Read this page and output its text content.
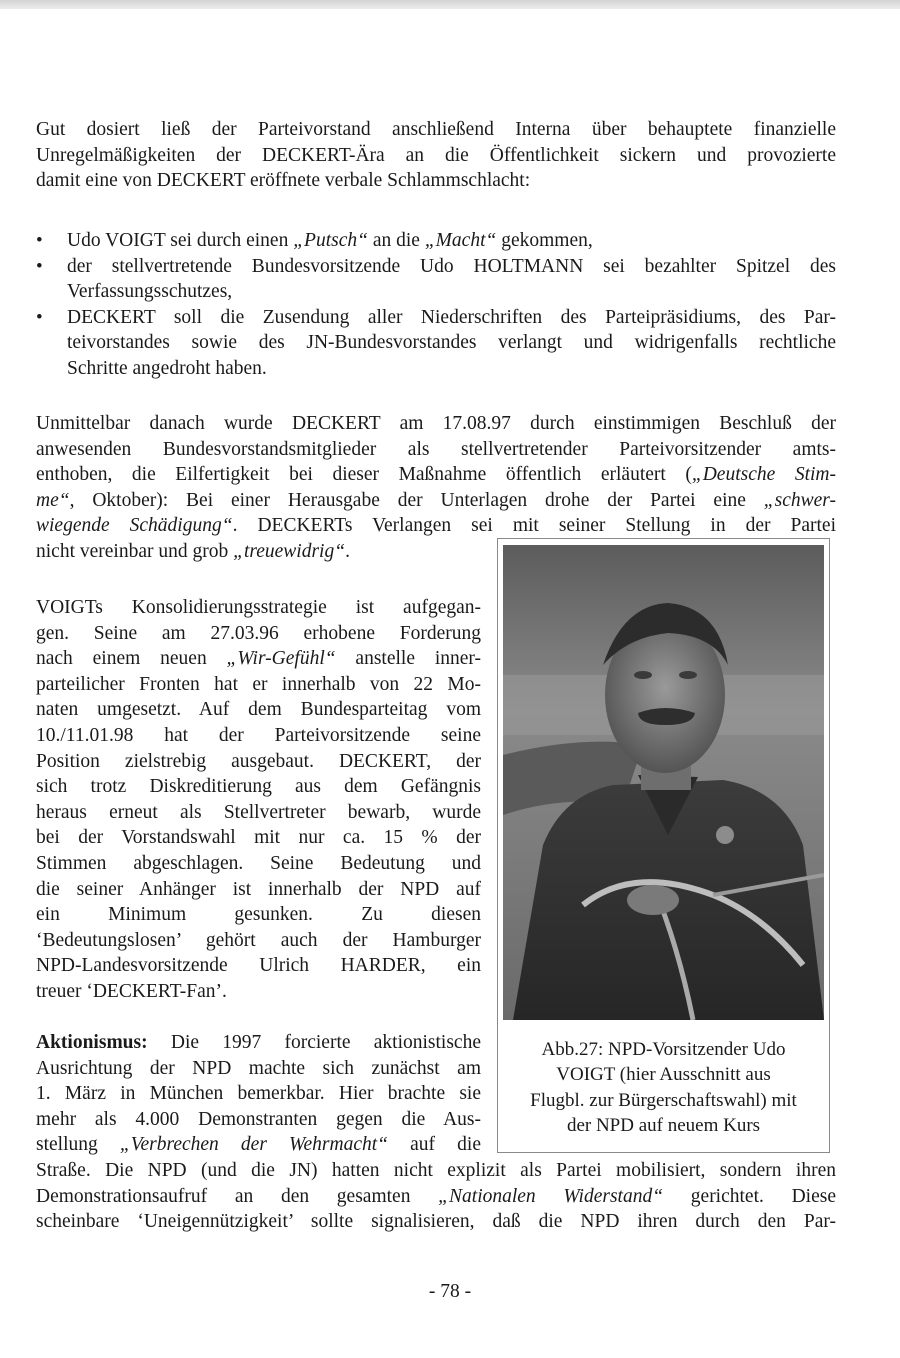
Gut dosiert ließ der Parteivorstand anschließend Interna über behauptete finanzielle
Unregelmäßigkeiten der DECKERT-Ära an die Öffentlichkeit sickern und provozierte

damit eine von DECKERT eröffnete verbale Schlammschlacht:
• Udo VOIGT sei durch einen „Putsch“ an die „Macht“ gekommen,
• der stellvertretende Bundesvorsitzende Udo HOLTMANN sei bezahlter Spitzel des

Verfassungsschutzes,
• DECKERT soll die Zusendung aller Niederschriften des Parteipräsidiums, des Par-
teivorstandes sowie des JN-Bundesvorstandes verlangt und widrigenfalls rechtliche

Schritte angedroht haben.
Unmittelbar danach wurde DECKERT am 17.08.97 durch einstimmigen Beschluß der
anwesenden Bundesvorstandsmitglieder als stellvertretender Parteivorsitzender amts-
enthoben, die Eilfertigkeit bei dieser Maßnahme öffentlich erläutert („Deutsche Stim-
me“, Oktober): Bei einer Herausgabe der Unterlagen drohe der Partei eine „schwer-
wiegende Schädigung“. DECKERTs Verlangen sei mit seiner Stellung in der Partei

nicht vereinbar und grob „treuewidrig“.
VOIGTs Konsolidierungsstrategie ist aufgegan-
gen. Seine am 27.03.96 erhobene Forderung
nach einem neuen „Wir-Gefühl“ anstelle inner-
parteilicher Fronten hat er innerhalb von 22 Mo-
naten umgesetzt. Auf dem Bundesparteitag vom
10./11.01.98 hat der Parteivorsitzende seine
Position zielstrebig ausgebaut. DECKERT, der
sich trotz Diskreditierung aus dem Gefängnis
heraus erneut als Stellvertreter bewarb, wurde
bei der Vorstandswahl mit nur ca. 15 % der
Stimmen abgeschlagen. Seine Bedeutung und
die seiner Anhänger ist innerhalb der NPD auf
ein Minimum gesunken. Zu diesen
‘Bedeutungslosen’ gehört auch der Hamburger
NPD-Landesvorsitzende Ulrich HARDER, ein

treuer ‘DECKERT-Fan’.
Aktionismus: Die 1997 forcierte aktionistische
Ausrichtung der NPD machte sich zunächst am
1. März in München bemerkbar. Hier brachte sie
mehr als 4.000 Demonstranten gegen die Aus-
stellung „Verbrechen der Wehrmacht“ auf die

Straße. Die NPD (und die JN) hatten nicht explizit als Partei mobilisiert, sondern ihren
Demonstrationsaufruf an den gesamten „Nationalen Widerstand“ gerichtet. Diese
scheinbare ‘Uneigennützigkeit’ sollte signalisieren, daß die NPD ihren durch den Par-

Abb.27: NPD-Vorsitzender Udo
VOIGT (hier Ausschnitt aus
Flugbl. zur Bürgerschaftswahl) mit
der NPD auf neuem Kurs
- 78 -
